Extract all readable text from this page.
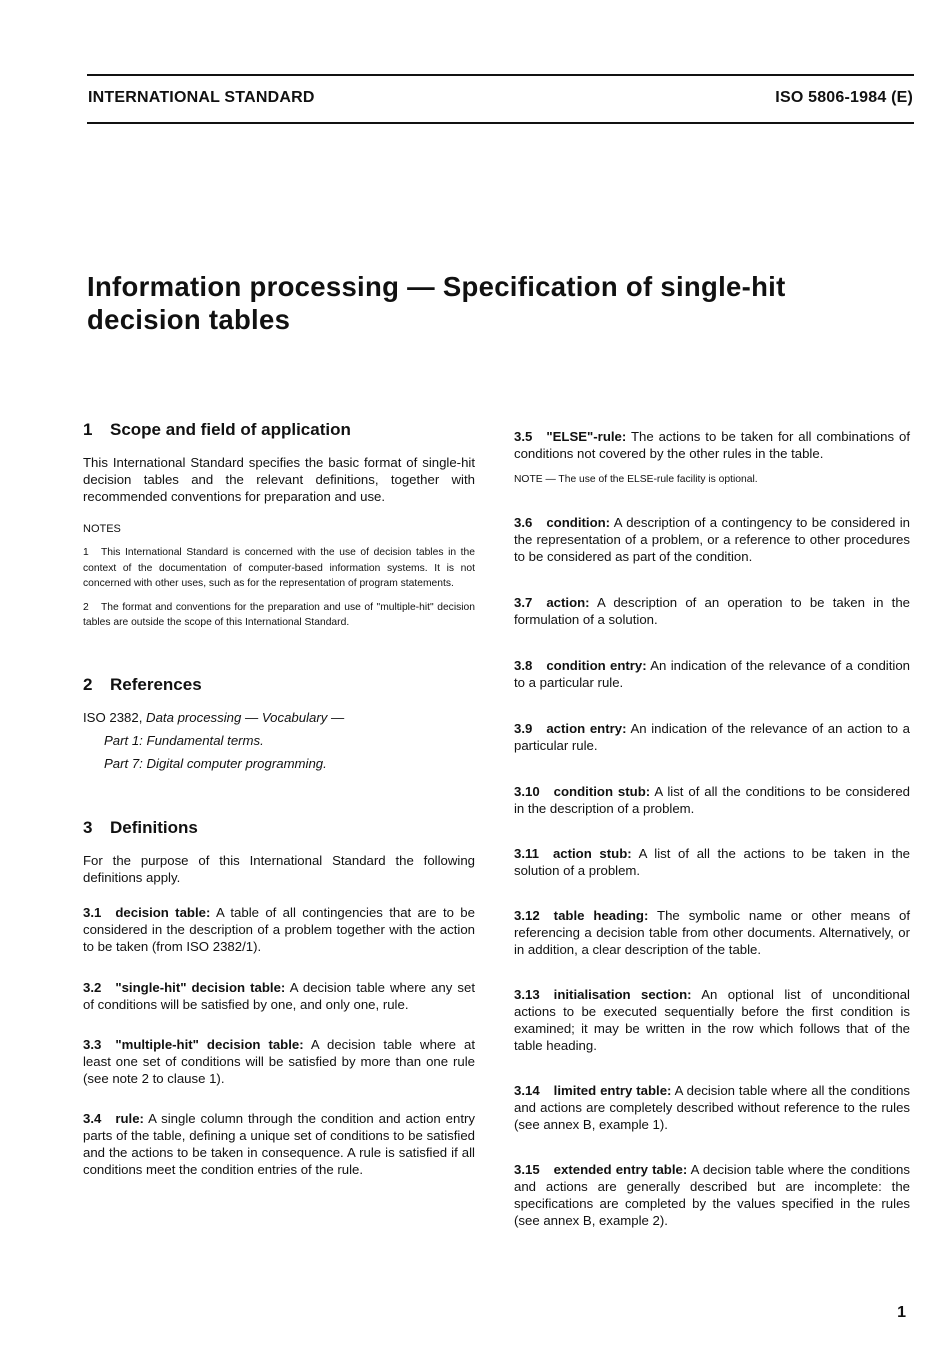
INTERNATIONAL STANDARD	ISO 5806-1984 (E)
Information processing — Specification of single-hit
decision tables
1 Scope and field of application

This International Standard specifies the basic format of single-hit decision tables and the relevant definitions, together with recommended conventions for preparation and use.

NOTES
1 This International Standard is concerned with the use of decision tables in the context of the documentation of computer-based information systems. It is not concerned with other uses, such as for the representation of program statements.
2 The format and conventions for the preparation and use of "multiple-hit" decision tables are outside the scope of this International Standard.
2 References
ISO 2382, Data processing — Vocabulary —
Part 1: Fundamental terms.
Part 7: Digital computer programming.
3 Definitions

For the purpose of this International Standard the following definitions apply.

3.1 decision table: A table of all contingencies that are to be considered in the description of a problem together with the action to be taken (from ISO 2382/1).

3.2 "single-hit" decision table: A decision table where any set of conditions will be satisfied by one, and only one, rule.

3.3 "multiple-hit" decision table: A decision table where at least one set of conditions will be satisfied by more than one rule (see note 2 to clause 1).

3.4 rule: A single column through the condition and action entry parts of the table, defining a unique set of conditions to be satisfied and the actions to be taken in consequence. A rule is satisfied if all conditions meet the condition entries of the rule.

3.5 "ELSE"-rule: The actions to be taken for all combinations of conditions not covered by the other rules in the table.

NOTE — The use of the ELSE-rule facility is optional.

3.6 condition: A description of a contingency to be considered in the representation of a problem, or a reference to other procedures to be considered as part of the condition.

3.7 action: A description of an operation to be taken in the formulation of a solution.

3.8 condition entry: An indication of the relevance of a condition to a particular rule.

3.9 action entry: An indication of the relevance of an action to a particular rule.

3.10 condition stub: A list of all the conditions to be considered in the description of a problem.

3.11 action stub: A list of all the actions to be taken in the solution of a problem.

3.12 table heading: The symbolic name or other means of referencing a decision table from other documents. Alternatively, or in addition, a clear description of the table.

3.13 initialisation section: An optional list of unconditional actions to be executed sequentially before the first condition is examined; it may be written in the row which follows that of the table heading.

3.14 limited entry table: A decision table where all the conditions and actions are completely described without reference to the rules (see annex B, example 1).

3.15 extended entry table: A decision table where the conditions and actions are generally described but are incomplete: the specifications are completed by the values specified in the rules (see annex B, example 2).

1
